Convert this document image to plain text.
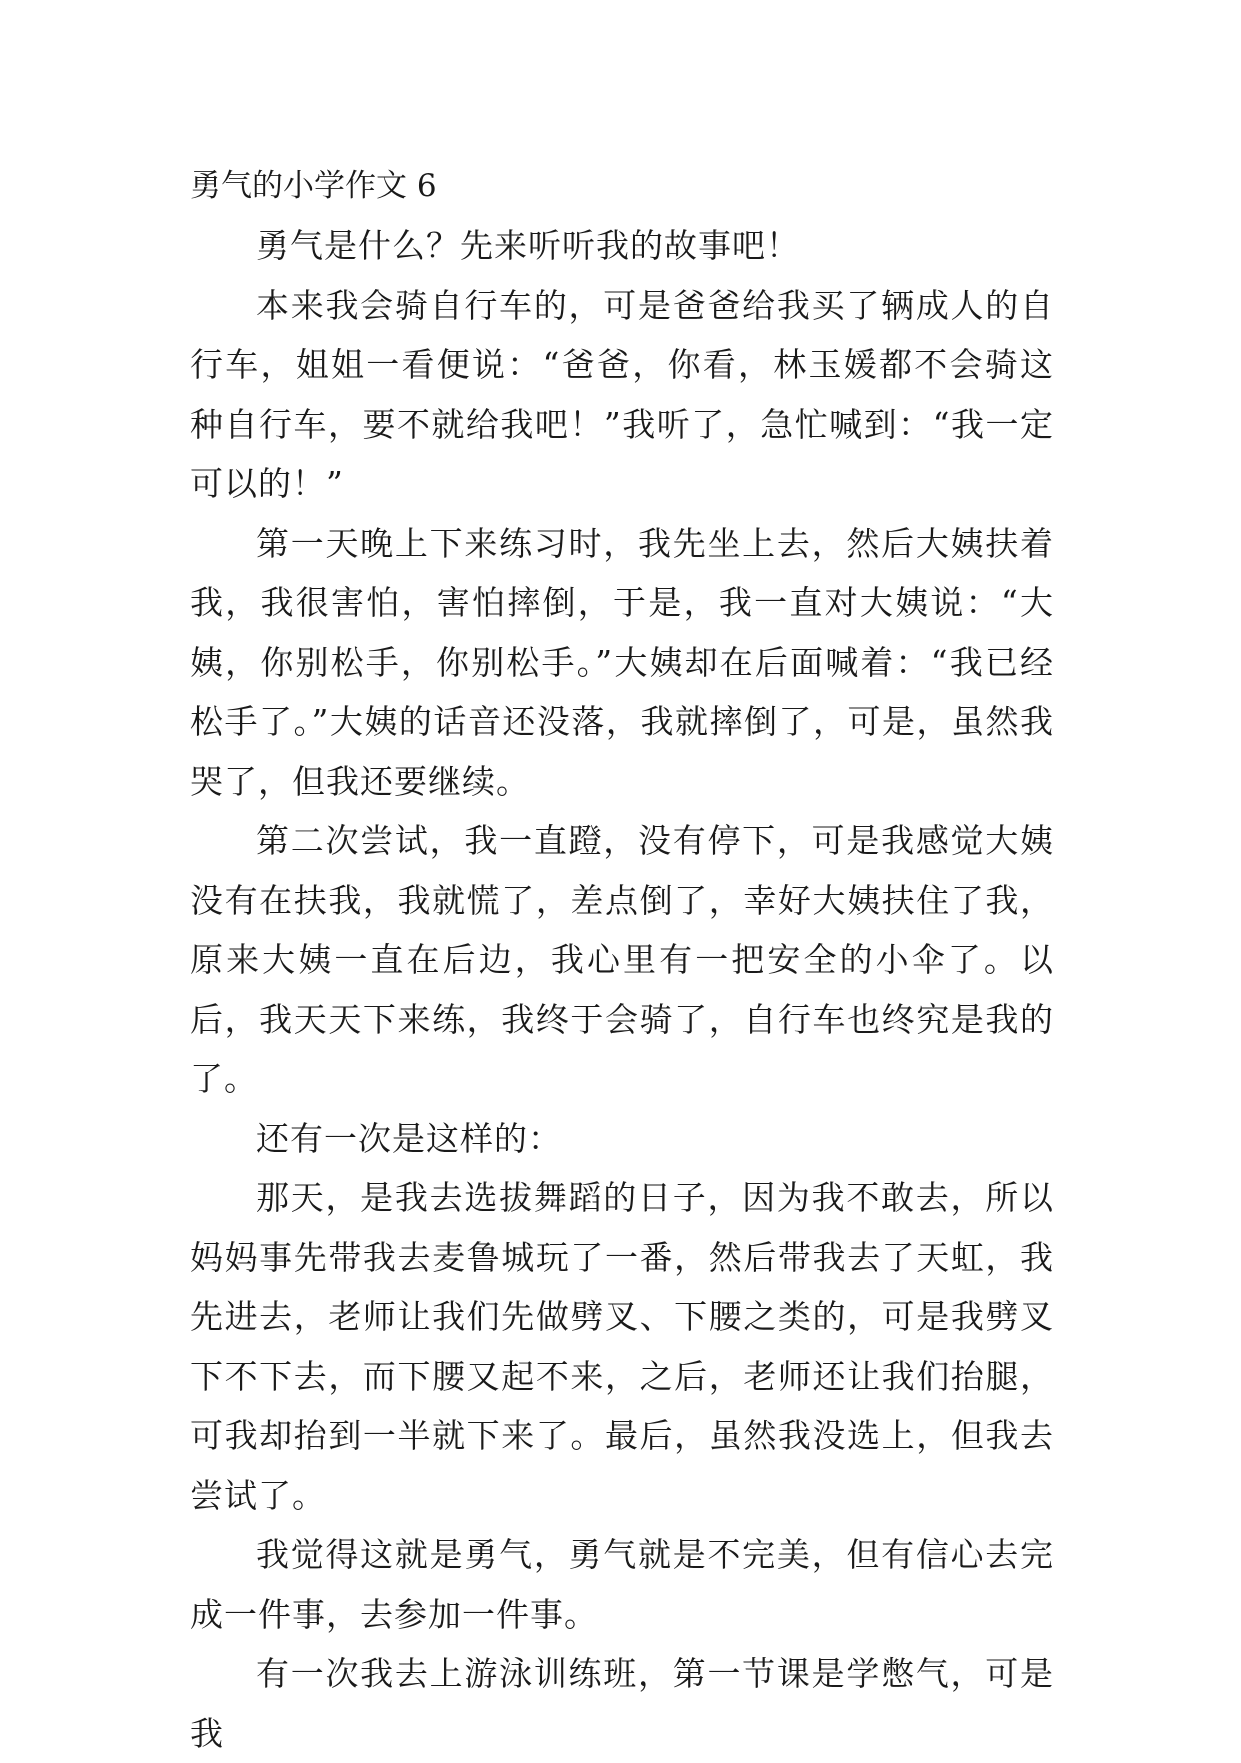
勇气的小学作文 6

勇气是什么？先来听听我的故事吧！

本来我会骑自行车的，可是爸爸给我买了辆成人的自行车，姐姐一看便说：“爸爸，你看，林玉媛都不会骑这种自行车，要不就给我吧！”我听了，急忙喊到：“我一定可以的！”

第一天晚上下来练习时，我先坐上去，然后大姨扶着我，我很害怕，害怕摔倒，于是，我一直对大姨说：“大姨，你别松手，你别松手。”大姨却在后面喊着：“我已经松手了。”大姨的话音还没落，我就摔倒了，可是，虽然我哭了，但我还要继续。

第二次尝试，我一直蹬，没有停下，可是我感觉大姨没有在扶我，我就慌了，差点倒了，幸好大姨扶住了我，原来大姨一直在后边，我心里有一把安全的小伞了。以后，我天天下来练，我终于会骑了，自行车也终究是我的了。

还有一次是这样的：

那天，是我去选拔舞蹈的日子，因为我不敢去，所以妈妈事先带我去麦鲁城玩了一番，然后带我去了天虹，我先进去，老师让我们先做劈叉、下腰之类的，可是我劈叉下不下去，而下腰又起不来，之后，老师还让我们抬腿，可我却抬到一半就下来了。最后，虽然我没选上，但我去尝试了。

我觉得这就是勇气，勇气就是不完美，但有信心去完成一件事，去参加一件事。

有一次我去上游泳训练班，第一节课是学憋气，可是我
